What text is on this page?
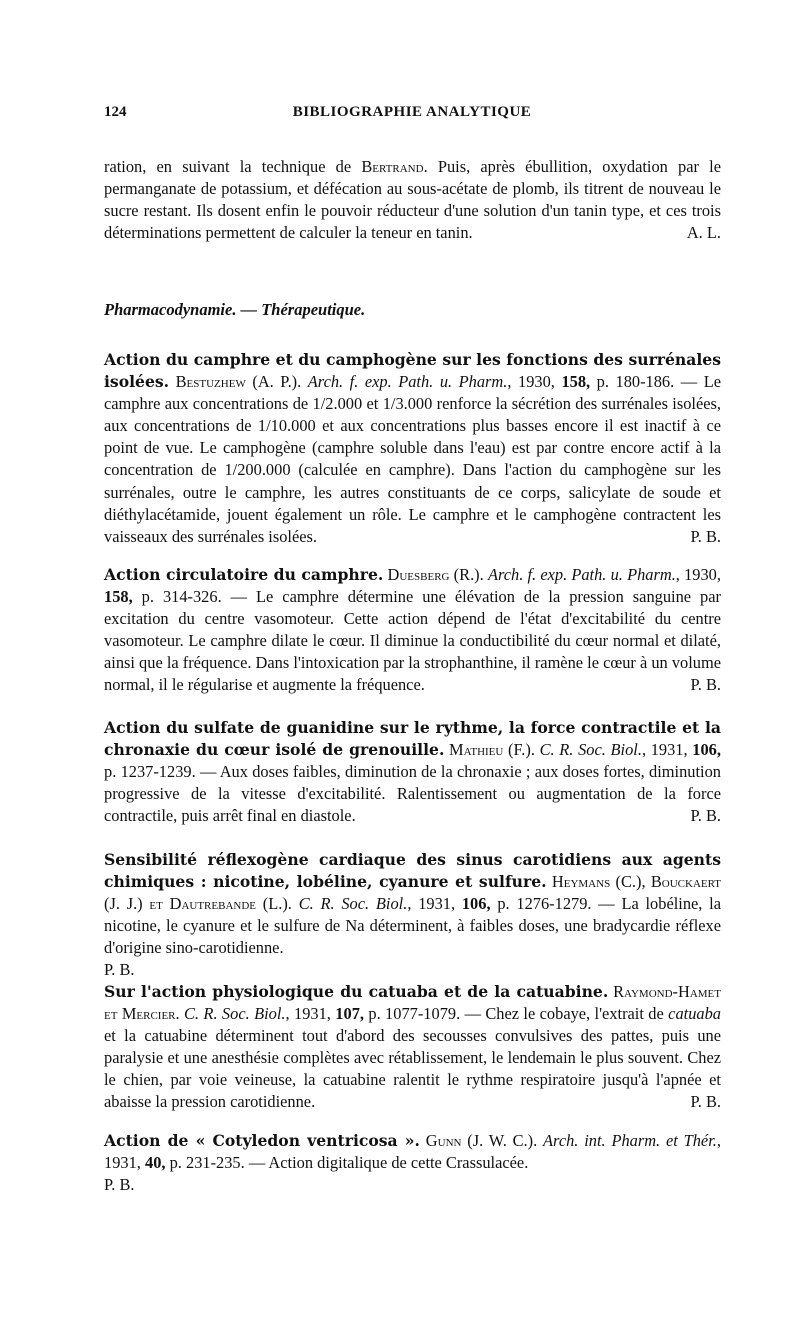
124	BIBLIOGRAPHIE ANALYTIQUE

ration, en suivant la technique de Bertrand. Puis, après ébullition, oxydation par le permanganate de potassium, et défécation au sous-acétate de plomb, ils titrent de nouveau le sucre restant. Ils dosent enfin le pouvoir réducteur d'une solution d'un tanin type, et ces trois déterminations permettent de calculer la teneur en tanin.	A. L.

Pharmacodynamie. — Thérapeutique.

Action du camphre et du camphogène sur les fonctions des surrénales isolées. Bestuzhew (A. P.). Arch. f. exp. Path. u. Pharm., 1930, 158, p. 180-186. — Le camphre aux concentrations de 1/2.000 et 1/3.000 renforce la sécrétion des surrénales isolées, aux concentrations de 1/10.000 et aux concentrations plus basses encore il est inactif à ce point de vue. Le camphogène (camphre soluble dans l'eau) est par contre encore actif à la concentration de 1/200.000 (calculée en camphre). Dans l'action du camphogène sur les surrénales, outre le camphre, les autres constituants de ce corps, salicylate de soude et diéthylacétamide, jouent également un rôle. Le camphre et le camphogène contractent les vaisseaux des surrénales isolées.	P. B.

Action circulatoire du camphre. Duesberg (R.). Arch. f. exp. Path. u. Pharm., 1930, 158, p. 314-326. — Le camphre détermine une élévation de la pression sanguine par excitation du centre vasomoteur. Cette action dépend de l'état d'excitabilité du centre vasomoteur. Le camphre dilate le cœur. Il diminue la conductibilité du cœur normal et dilaté, ainsi que la fréquence. Dans l'intoxication par la strophanthine, il ramène le cœur à un volume normal, il le régularise et augmente la fréquence.	P. B.

Action du sulfate de guanidine sur le rythme, la force contractile et la chronaxie du cœur isolé de grenouille. Mathieu (F.). C. R. Soc. Biol., 1931, 106, p. 1237-1239. — Aux doses faibles, diminution de la chronaxie ; aux doses fortes, diminution progressive de la vitesse d'excitabilité. Ralentissement ou augmentation de la force contractile, puis arrêt final en diastole.	P. B.

Sensibilité réflexogène cardiaque des sinus carotidiens aux agents chimiques : nicotine, lobéline, cyanure et sulfure. Heymans (C.), Bouckaert (J. J.) et Dautrebande (L.). C. R. Soc. Biol., 1931, 106, p. 1276-1279. — La lobéline, la nicotine, le cyanure et le sulfure de Na déterminent, à faibles doses, une bradycardie réflexe d'origine sino-carotidienne.

P. B.

Sur l'action physiologique du catuaba et de la catuabine. Raymond-Hamet et Mercier. C. R. Soc. Biol., 1931, 107, p. 1077-1079. — Chez le cobaye, l'extrait de catuaba et la catuabine déterminent tout d'abord des secousses convulsives des pattes, puis une paralysie et une anesthésie complètes avec rétablissement, le lendemain le plus souvent. Chez le chien, par voie veineuse, la catuabine ralentit le rythme respiratoire jusqu'à l'apnée et abaisse la pression carotidienne.	P. B.

Action de « Cotyledon ventricosa ». Gunn (J. W. C.). Arch. int. Pharm. et Thér., 1931, 40, p. 231-235. — Action digitalique de cette Crassulacée.

P. B.
